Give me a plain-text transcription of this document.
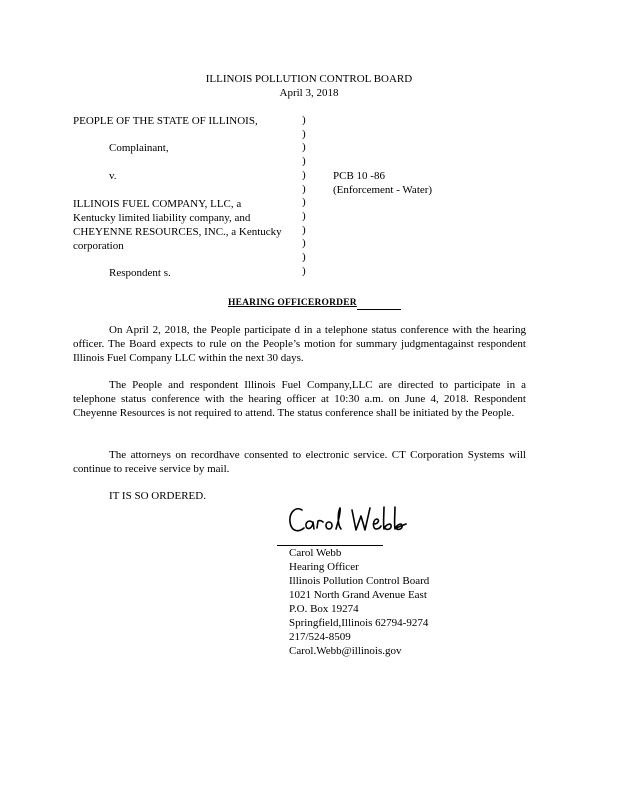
ILLINOIS POLLUTION CONTROL BOARD
April 3, 2018
PEOPLE OF THE STATE OF ILLINOIS,
Complainant,
v.
ILLINOIS FUEL COMPANY, LLC, a
Kentucky limited liability company, and
CHEYENNE RESOURCES, INC., a Kentucky
corporation
Respondent s.
)
)
)
)
)
)
)
)
)
)
)
)
PCB 10 -86
(Enforcement - Water)
HEARING OFFICERORDER
On April 2, 2018, the People participate d in a telephone status conference with the hearing officer. The Board expects to rule on the People’s motion for summary judgmentagainst respondent Illinois Fuel Company LLC within the next 30 days.
The People and respondent Illinois Fuel Company,LLC are directed to participate in a telephone status conference with the hearing officer at 10:30 a.m. on June 4, 2018. Respondent Cheyenne Resources is not required to attend. The status conference shall be initiated by the People.
The attorneys on recordhave consented to electronic service. CT Corporation Systems will continue to receive service by mail.
IT IS SO ORDERED.
Carol Webb
Hearing Officer
Illinois Pollution Control Board
1021 North Grand Avenue East
P.O. Box 19274
Springfield,Illinois 62794-9274
217/524-8509
Carol.Webb@illinois.gov
